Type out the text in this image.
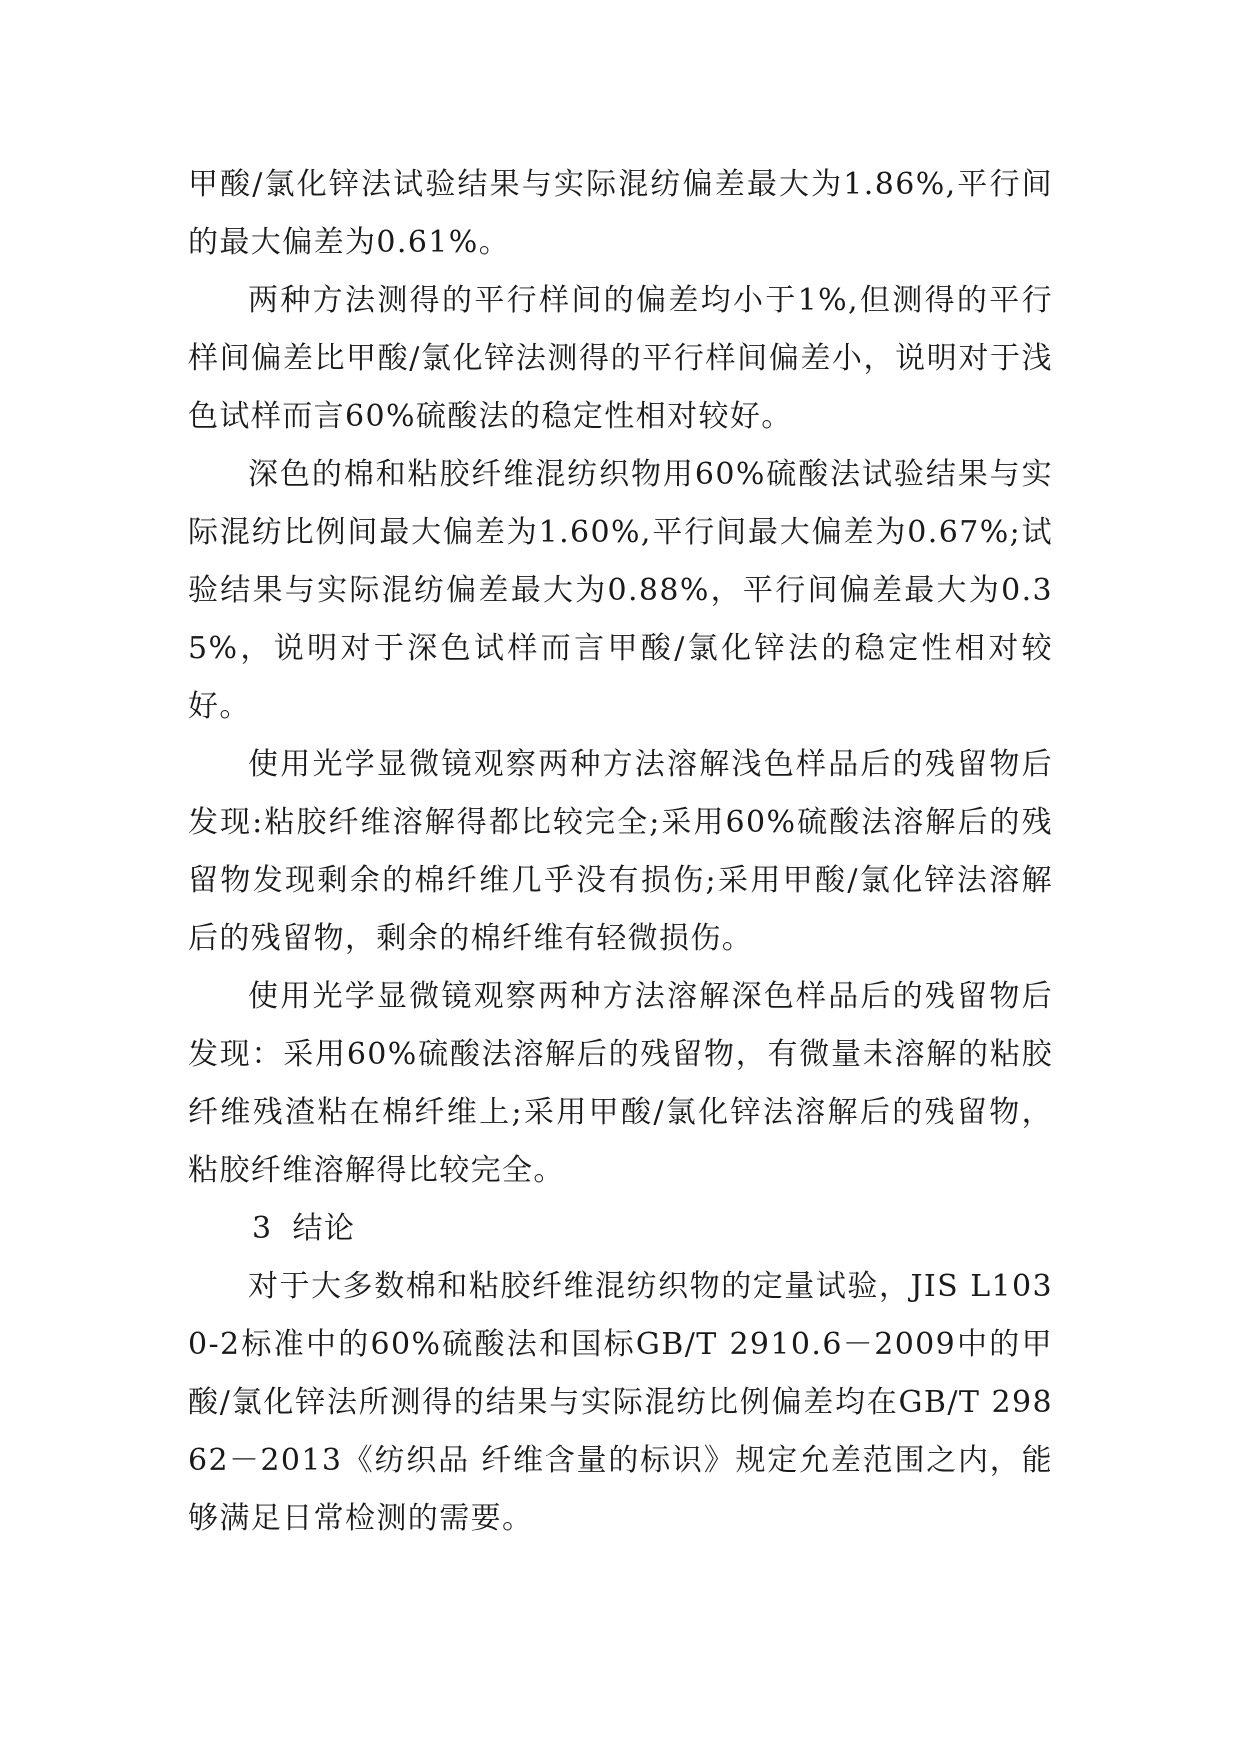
甲酸/氯化锌法试验结果与实际混纺偏差最大为1.86%,平行间的最大偏差为0.61%。

两种方法测得的平行样间的偏差均小于1%,但测得的平行样间偏差比甲酸/氯化锌法测得的平行样间偏差小，说明对于浅色试样而言60%硫酸法的稳定性相对较好。

深色的棉和粘胶纤维混纺织物用60%硫酸法试验结果与实际混纺比例间最大偏差为1.60%,平行间最大偏差为0.67%;试验结果与实际混纺偏差最大为0.88%，平行间偏差最大为0.35%，说明对于深色试样而言甲酸/氯化锌法的稳定性相对较好。

使用光学显微镜观察两种方法溶解浅色样品后的残留物后发现:粘胶纤维溶解得都比较完全;采用60%硫酸法溶解后的残留物发现剩余的棉纤维几乎没有损伤;采用甲酸/氯化锌法溶解后的残留物，剩余的棉纤维有轻微损伤。

使用光学显微镜观察两种方法溶解深色样品后的残留物后发现：采用60%硫酸法溶解后的残留物，有微量未溶解的粘胶纤维残渣粘在棉纤维上;采用甲酸/氯化锌法溶解后的残留物，粘胶纤维溶解得比较完全。

3 结论

对于大多数棉和粘胶纤维混纺织物的定量试验，JIS L1030-2标准中的60%硫酸法和国标GB/T 2910.6－2009中的甲酸/氯化锌法所测得的结果与实际混纺比例偏差均在GB/T 29862－2013《纺织品 纤维含量的标识》规定允差范围之内，能够满足日常检测的需要。
